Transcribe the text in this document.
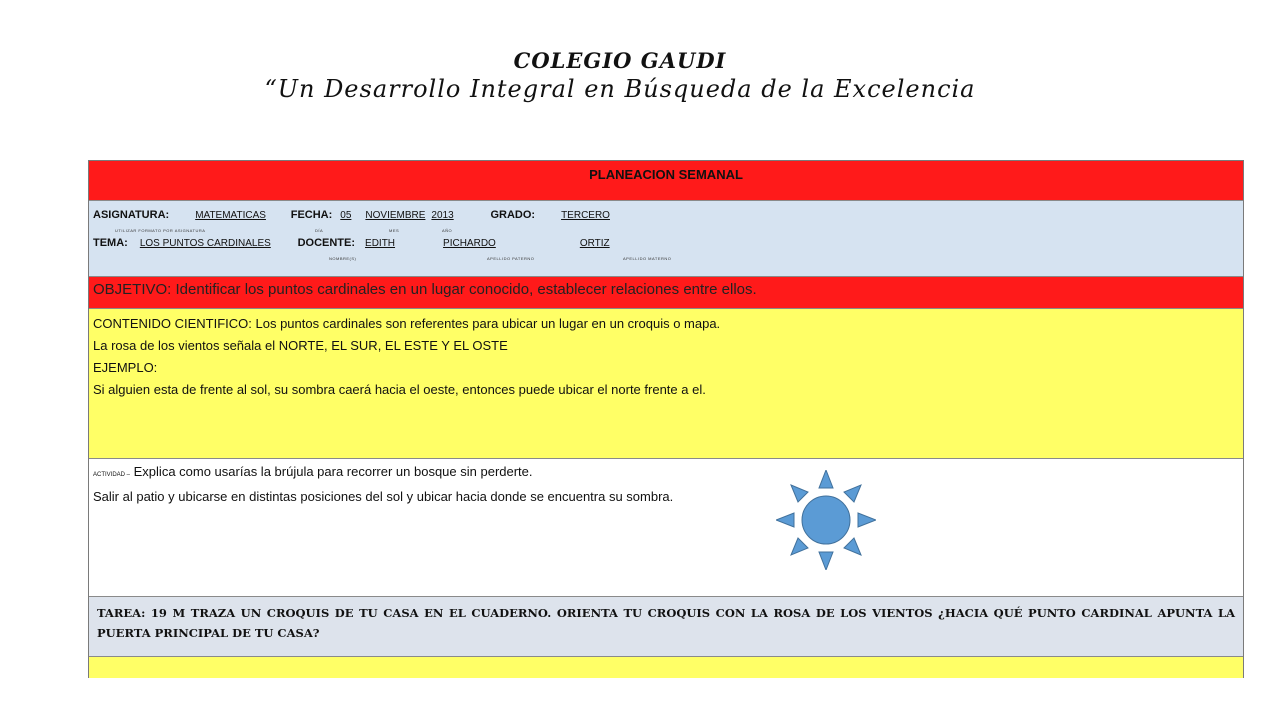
COLEGIO GAUDI
“Un Desarrollo Integral en Búsqueda de la Excelencia
PLANEACION SEMANAL
ASIGNATURA:	MATEMATICAS FECHA: 05 NOVIEMBRE 2013	GRADO:	TERCERO
UTILIZAR FORMATO POR ASIGNATURA	DÍA	MES	AÑO
TEMA: LOS PUNTOS CARDINALES DOCENTE: EDITH	PICHARDO	ORTIZ
NOMBRE(S)	APELLIDO PATERNO	APELLIDO MATERNO
OBJETIVO: Identificar los puntos cardinales en un lugar conocido, establecer relaciones entre ellos.

CONTENIDO CIENTIFICO: Los puntos cardinales son referentes para ubicar un lugar en un croquis o mapa.

La rosa de los vientos señala el NORTE, EL SUR, EL ESTE Y EL OSTE

EJEMPLO:

Si alguien esta de frente al sol, su sombra caerá hacia el oeste, entonces puede ubicar el norte frente a el.

ACTIVIDAD – Explica como usarías la brújula para recorrer un bosque sin perderte.

Salir al patio y ubicarse en distintas posiciones del sol y ubicar hacia donde se encuentra su sombra.

TAREA: 19 M TRAZA UN CROQUIS DE TU CASA EN EL CUADERNO. ORIENTA TU CROQUIS CON LA ROSA DE LOS VIENTOS ¿HACIA QUÉ PUNTO CARDINAL APUNTA LA PUERTA PRINCIPAL DE TU CASA?
